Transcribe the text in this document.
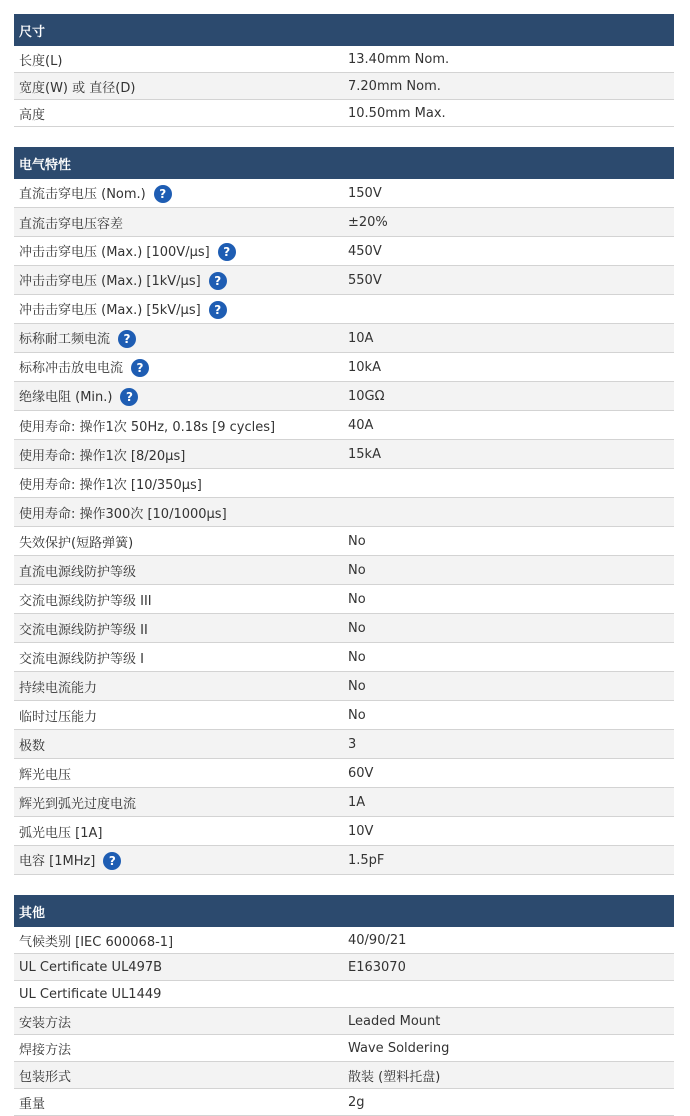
尺寸	
长度(L)	13.40mm Nom.
宽度(W) 或 直径(D)	7.20mm Nom.
高度	10.50mm Max.
电气特性	
直流击穿电压 (Nom.) ?	150V
直流击穿电压容差	±20%
冲击击穿电压 (Max.) [100V/µs] ?	450V
冲击击穿电压 (Max.) [1kV/µs] ?	550V
冲击击穿电压 (Max.) [5kV/µs] ?	
标称耐工频电流 ?	10A
标称冲击放电电流 ?	10kA
绝缘电阻 (Min.) ?	10GΩ
使用寿命: 操作1次 50Hz, 0.18s [9 cycles]	40A
使用寿命: 操作1次 [8/20µs]	15kA
使用寿命: 操作1次 [10/350µs]	
使用寿命: 操作300次 [10/1000µs]	
失效保护(短路弹簧)	No
直流电源线防护等级	No
交流电源线防护等级 III	No
交流电源线防护等级 II	No
交流电源线防护等级 I	No
持续电流能力	No
临时过压能力	No
极数	3
辉光电压	60V
辉光到弧光过度电流	1A
弧光电压 [1A]	10V
电容 [1MHz] ?	1.5pF
其他	
气候类别 [IEC 600068-1]	40/90/21
UL Certificate UL497B	E163070
UL Certificate UL1449	
安装方法	Leaded Mount
焊接方法	Wave Soldering
包装形式	散装 (塑料托盘)
重量	2g
